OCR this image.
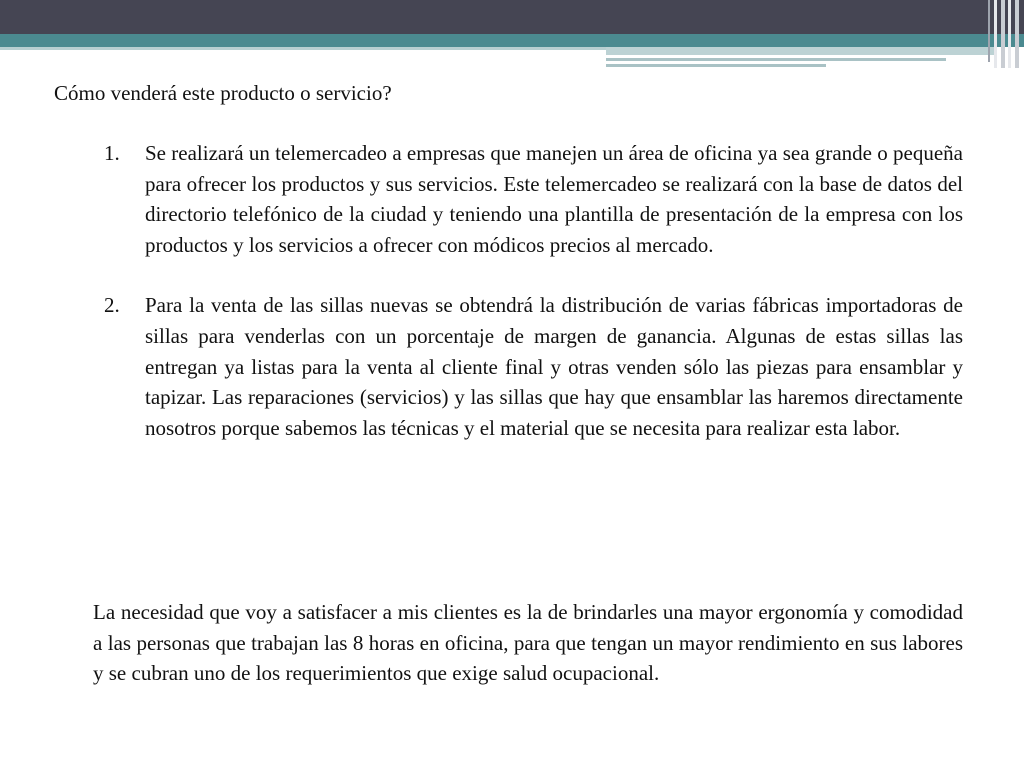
Cómo venderá este producto o servicio?
1. Se realizará un telemercadeo a empresas que manejen un área de oficina ya sea grande o pequeña para ofrecer los productos y sus servicios. Este telemercadeo se realizará con la base de datos del directorio telefónico de la ciudad y teniendo una plantilla de presentación de la empresa con los productos y los servicios a ofrecer con módicos precios al mercado.
2. Para la venta de las sillas nuevas se obtendrá la distribución de varias fábricas importadoras de sillas para venderlas con un porcentaje de margen de ganancia. Algunas de estas sillas las entregan ya listas para la venta al cliente final y otras venden sólo las piezas para ensamblar y tapizar. Las reparaciones (servicios) y las sillas que hay que ensamblar las haremos directamente nosotros porque sabemos las técnicas y el material que se necesita para realizar esta labor.

La necesidad que voy a satisfacer a mis clientes es la de brindarles una mayor ergonomía y comodidad a las personas que trabajan las 8 horas en oficina, para que tengan un mayor rendimiento en sus labores y se cubran uno de los requerimientos que exige salud ocupacional.
